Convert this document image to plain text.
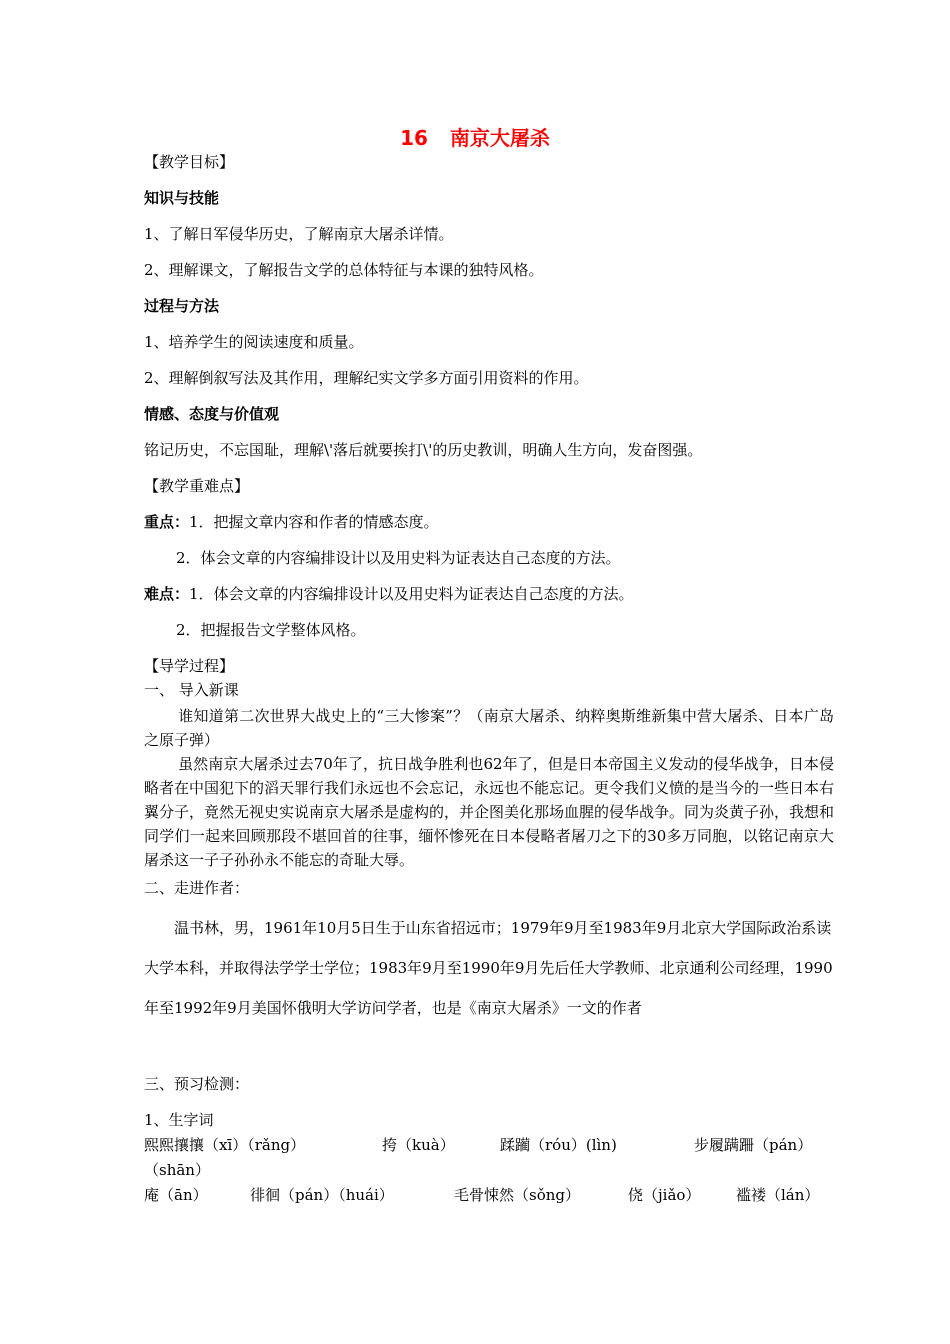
16 南京大屠杀
【教学目标】
知识与技能
1、了解日军侵华历史，了解南京大屠杀详情。
2、理解课文，了解报告文学的总体特征与本课的独特风格。
过程与方法
1、培养学生的阅读速度和质量。
2、理解倒叙写法及其作用，理解纪实文学多方面引用资料的作用。
情感、态度与价值观
铭记历史，不忘国耻，理解\'落后就要挨打\'的历史教训，明确人生方向，发奋图强。
【教学重难点】
重点：1．把握文章内容和作者的情感态度。
2．体会文章的内容编排设计以及用史料为证表达自己态度的方法。
难点：1．体会文章的内容编排设计以及用史料为证表达自己态度的方法。
2．把握报告文学整体风格。
【导学过程】
一、 导入新课
谁知道第二次世界大战史上的“三大惨案”？（南京大屠杀、纳粹奥斯维新集中营大屠杀、日本广岛之原子弹）
虽然南京大屠杀过去70年了，抗日战争胜利也62年了，但是日本帝国主义发动的侵华战争，日本侵略者在中国犯下的滔天罪行我们永远也不会忘记，永远也不能忘记。更令我们义愤的是当今的一些日本右翼分子，竟然无视史实说南京大屠杀是虚构的，并企图美化那场血腥的侵华战争。同为炎黄子孙，我想和同学们一起来回顾那段不堪回首的往事，缅怀惨死在日本侵略者屠刀之下的30多万同胞，以铭记南京大屠杀这一子子孙孙永不能忘的奇耻大辱。
二、走进作者：
温书林，男，1961年10月5日生于山东省招远市；1979年9月至1983年9月北京大学国际政治系读大学本科，并取得法学学士学位；1983年9月至1990年9月先后任大学教师、北京通利公司经理，1990年至1992年9月美国怀俄明大学访问学者，也是《南京大屠杀》一文的作者
三、预习检测：
1、生字词
熙熙攘攘（xī）（rǎng）	挎（kuà）	蹂躏（róu）(lìn)	步履蹒跚（pán）
（shān）
庵（ān）	徘徊（pán）（huái）	毛骨悚然（sǒng）	侥（jiǎo） 褴褛（lán）
